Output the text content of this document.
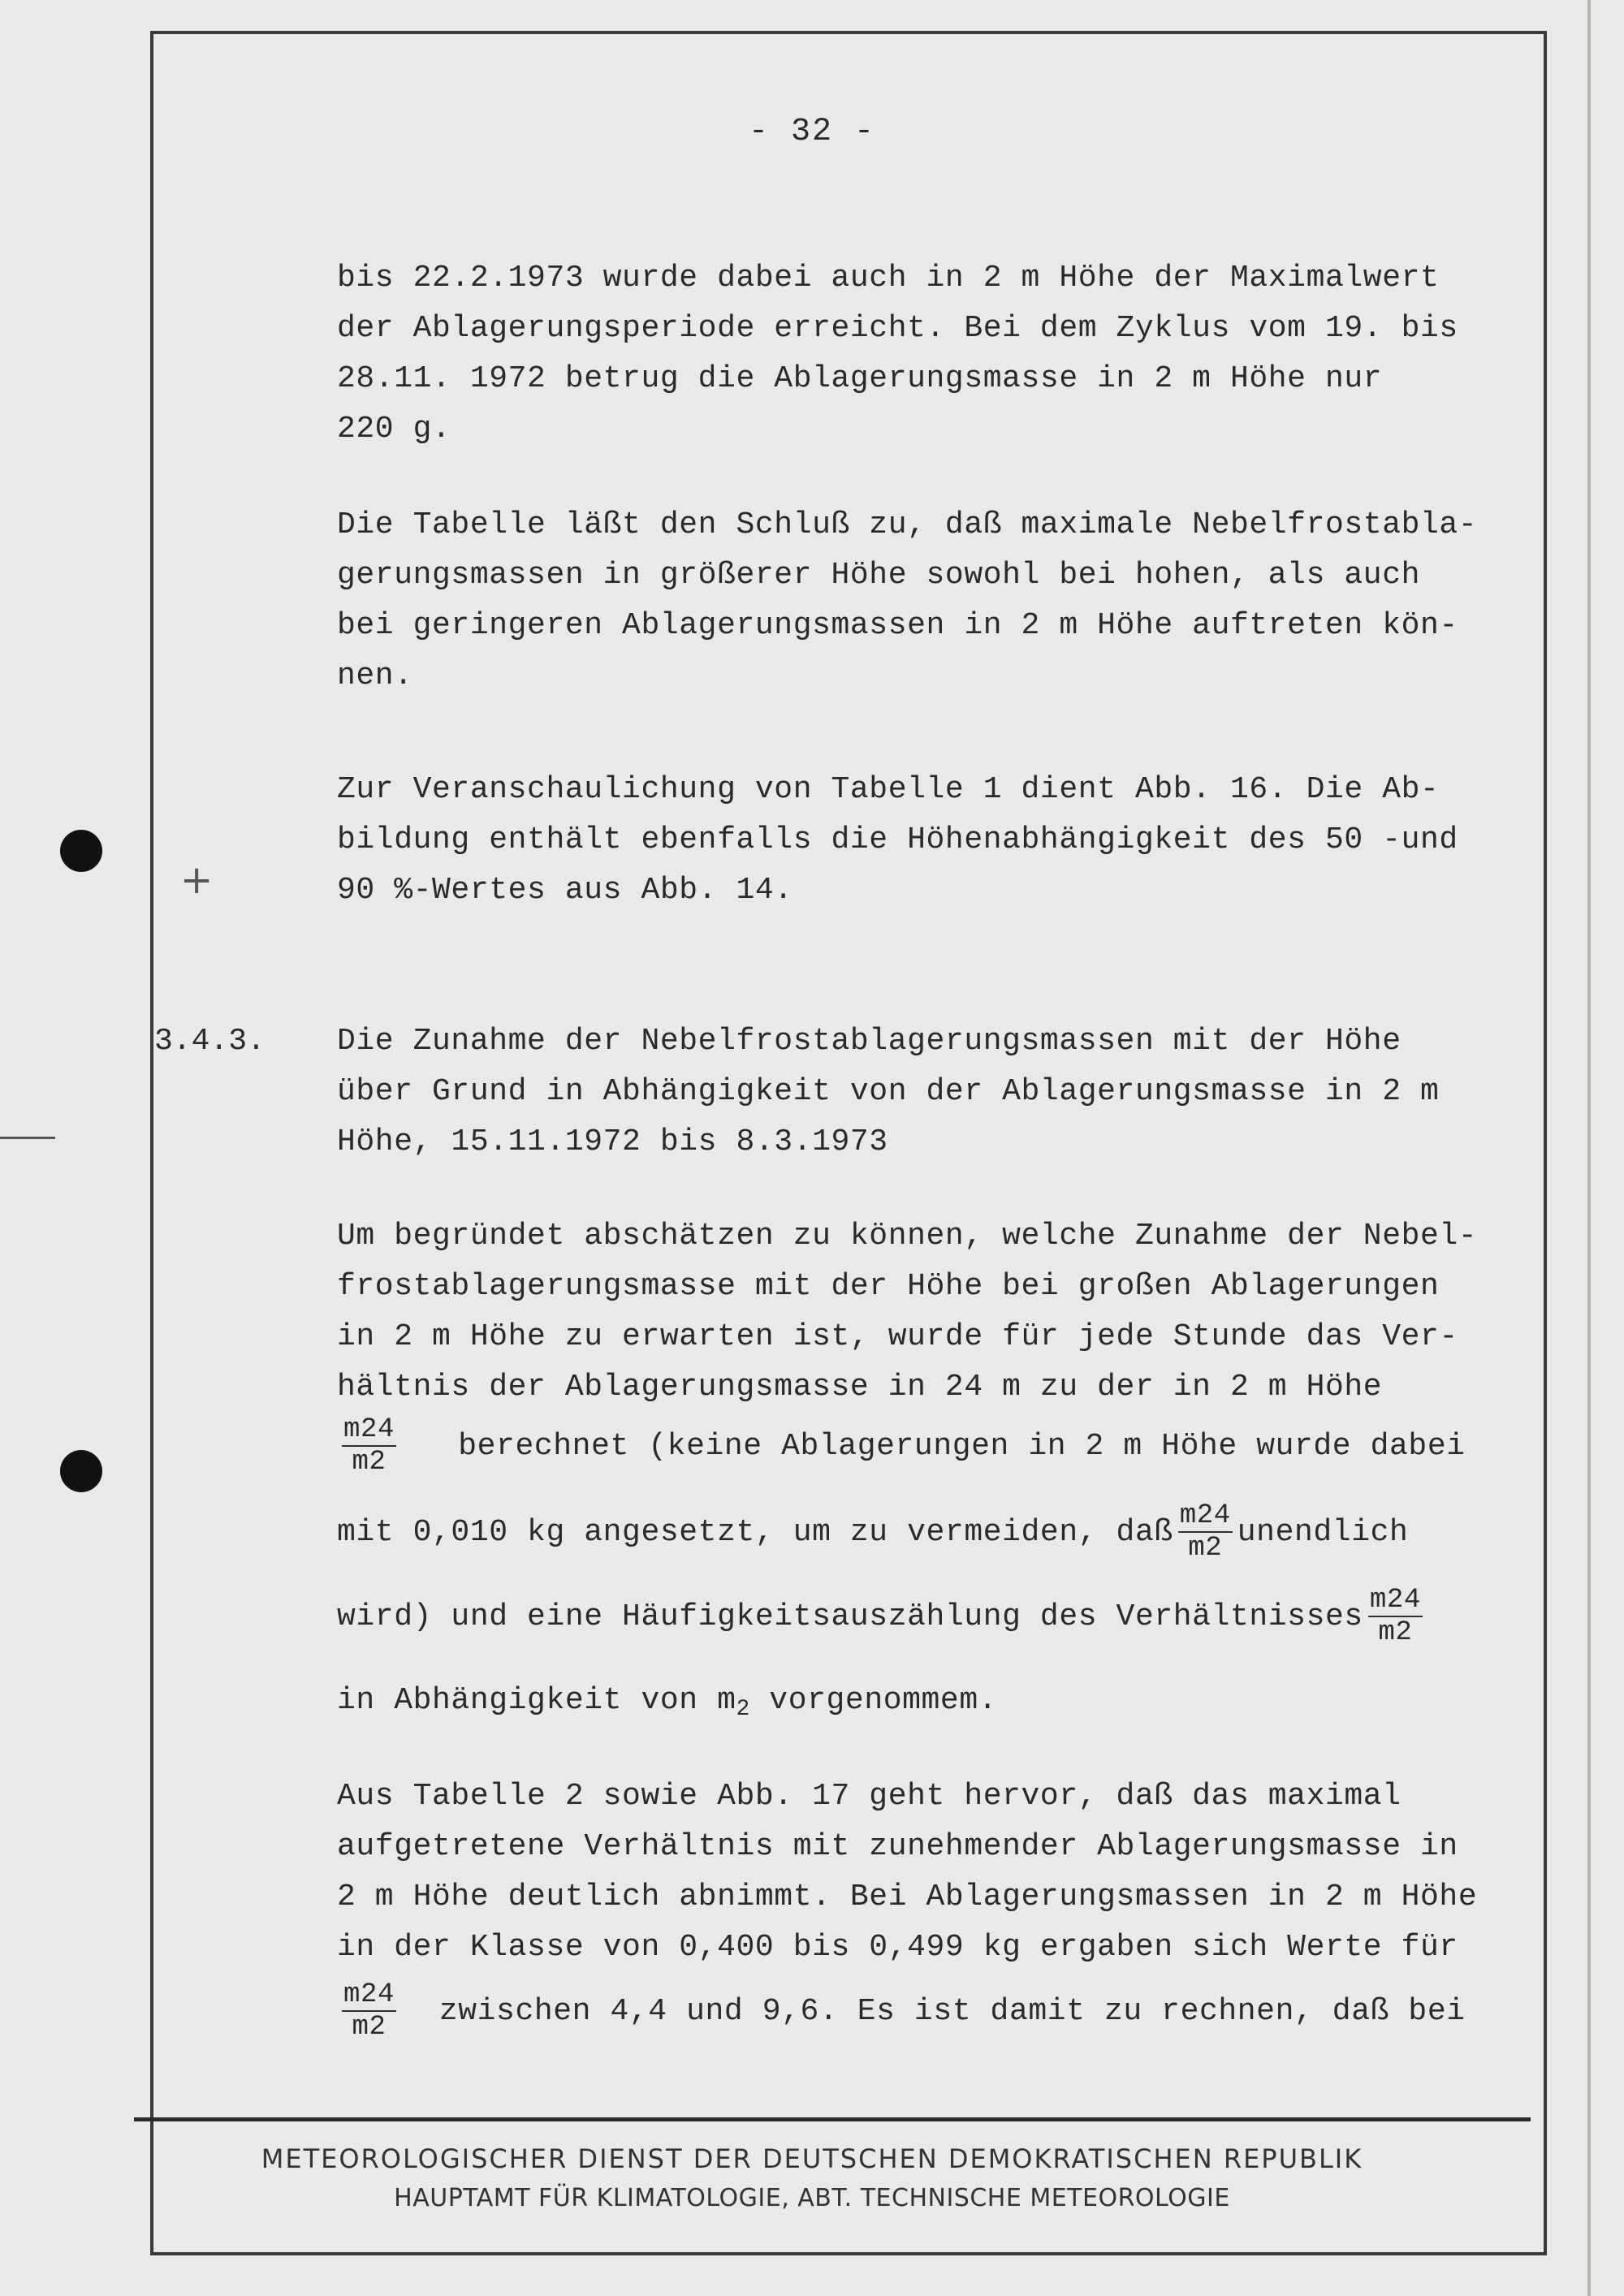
+
- 32 -
bis 22.2.1973 wurde dabei auch in 2 m Höhe der Maximalwert
der Ablagerungsperiode erreicht. Bei dem Zyklus vom 19. bis
28.11. 1972 betrug die Ablagerungsmasse in 2 m Höhe nur
220 g.
Die Tabelle läßt den Schluß zu, daß maximale Nebelfrostabla-
gerungsmassen in größerer Höhe sowohl bei hohen, als auch
bei geringeren Ablagerungsmassen in 2 m Höhe auftreten kön-
nen.
Zur Veranschaulichung von Tabelle 1 dient Abb. 16. Die Ab-
bildung enthält ebenfalls die Höhenabhängigkeit des 50 -und
90 %-Wertes aus Abb. 14.
3.4.3. Die Zunahme der Nebelfrostablagerungsmassen mit der Höhe
über Grund in Abhängigkeit von der Ablagerungsmasse in 2 m
Höhe, 15.11.1972 bis 8.3.1973
Um begründet abschätzen zu können, welche Zunahme der Nebel-
frostablagerungsmasse mit der Höhe bei großen Ablagerungen
in 2 m Höhe zu erwarten ist, wurde für jede Stunde das Ver-
hältnis der Ablagerungsmasse in 24 m zu der in 2 m Höhe
$\frac{m24}{m2}$ berechnet (keine Ablagerungen in 2 m Höhe wurde dabei
mit 0,010 kg angesetzt, um zu vermeiden, daß $\frac{m24}{m2}$ unendlich
wird) und eine Häufigkeitsauszählung des Verhältnisses $\frac{m24}{m2}$
in Abhängigkeit von $m_2$ vorgenommem.
Aus Tabelle 2 sowie Abb. 17 geht hervor, daß das maximal
aufgetretene Verhältnis mit zunehmender Ablagerungsmasse in
2 m Höhe deutlich abnimmt. Bei Ablagerungsmassen in 2 m Höhe
in der Klasse von 0,400 bis 0,499 kg ergaben sich Werte für
$\frac{m24}{m2}$ zwischen 4,4 und 9,6. Es ist damit zu rechnen, daß bei
METEOROLOGISCHER DIENST DER DEUTSCHEN DEMOKRATISCHEN REPUBLIK
HAUPTAMT FÜR KLIMATOLOGIE, ABT. TECHNISCHE METEOROLOGIE
